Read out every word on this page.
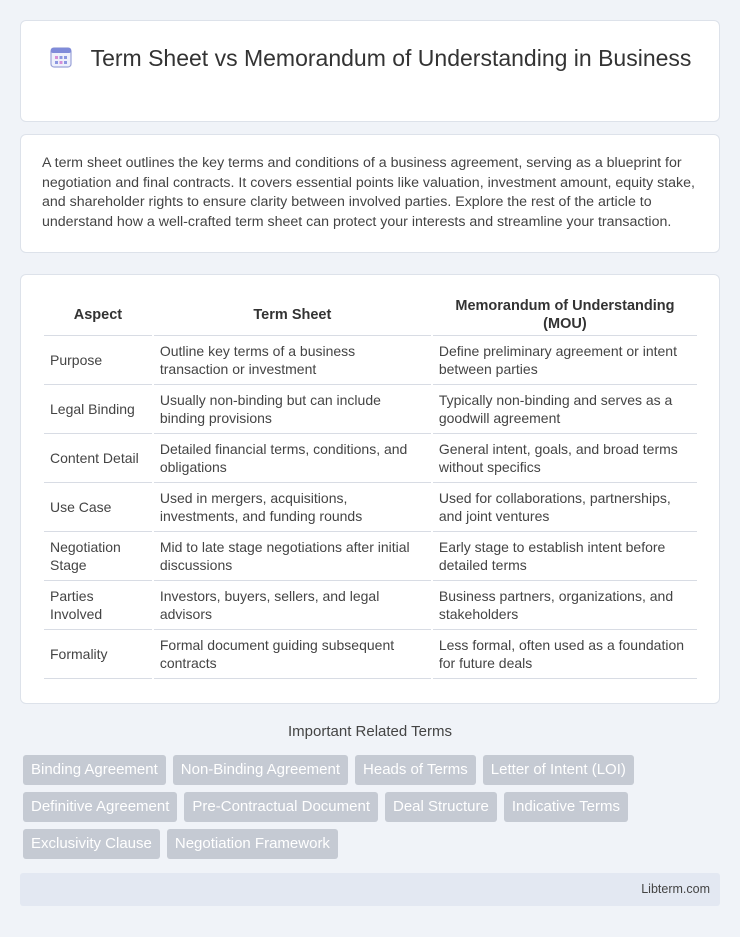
Term Sheet vs Memorandum of Understanding in Business

A term sheet outlines the key terms and conditions of a business agreement, serving as a blueprint for negotiation and final contracts. It covers essential points like valuation, investment amount, equity stake, and shareholder rights to ensure clarity between involved parties. Explore the rest of the article to understand how a well-crafted term sheet can protect your interests and streamline your transaction.

Aspect	Term Sheet	Memorandum of Understanding (MOU)
Purpose	Outline key terms of a business transaction or investment	Define preliminary agreement or intent between parties
Legal Binding	Usually non-binding but can include binding provisions	Typically non-binding and serves as a goodwill agreement
Content Detail	Detailed financial terms, conditions, and obligations	General intent, goals, and broad terms without specifics
Use Case	Used in mergers, acquisitions, investments, and funding rounds	Used for collaborations, partnerships, and joint ventures
Negotiation Stage	Mid to late stage negotiations after initial discussions	Early stage to establish intent before detailed terms
Parties Involved	Investors, buyers, sellers, and legal advisors	Business partners, organizations, and stakeholders
Formality	Formal document guiding subsequent contracts	Less formal, often used as a foundation for future deals
Important Related Terms
Binding Agreement	Non-Binding Agreement	Heads of Terms	Letter of Intent (LOI)
Definitive Agreement	Pre-Contractual Document	Deal Structure	Indicative Terms
Exclusivity Clause	Negotiation Framework
Libterm.com
